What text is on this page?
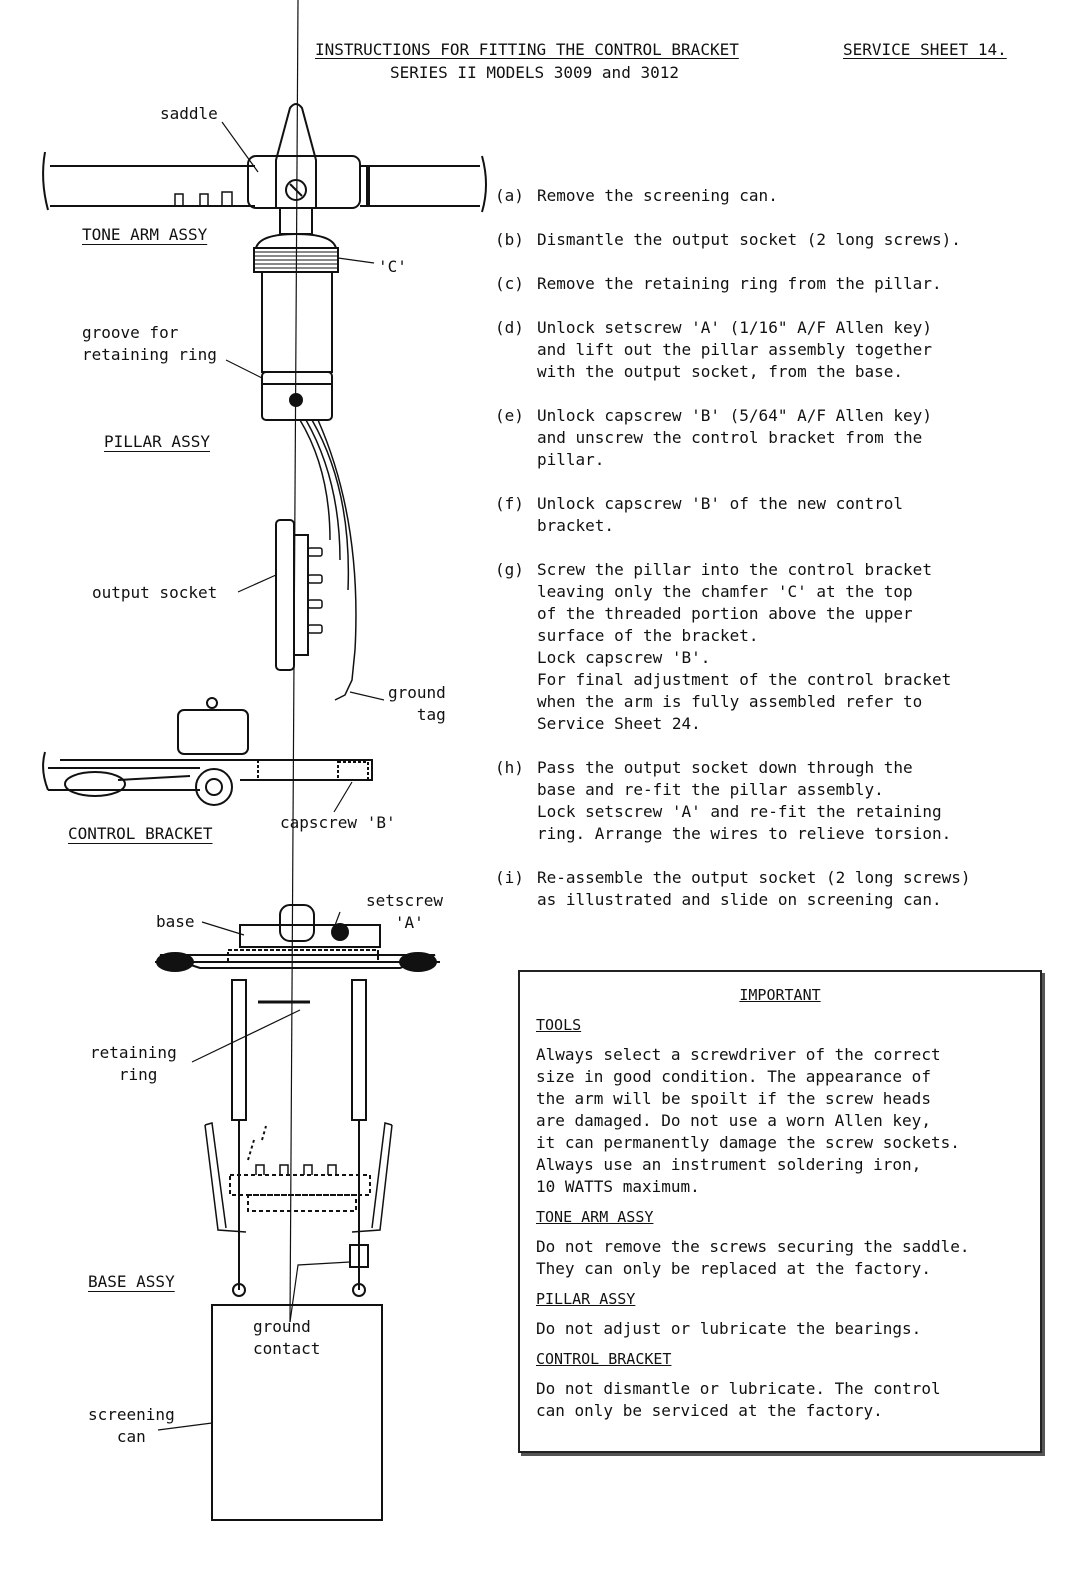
INSTRUCTIONS FOR FITTING THE CONTROL BRACKET	SERVICE SHEET 14.
SERIES II MODELS 3009 and 3012
saddle
TONE ARM ASSY
'C'
groove for
retaining ring
PILLAR ASSY
output socket
ground
tag
capscrew 'B'
CONTROL BRACKET
setscrew
'A'
base
retaining
ring
BASE ASSY
ground
contact
screening
can
(a) Remove the screening can.
(b) Dismantle the output socket (2 long screws).
(c) Remove the retaining ring from the pillar.
(d) Unlock setscrew 'A' (1/16" A/F Allen key)
and lift out the pillar assembly together
with the output socket, from the base.
(e) Unlock capscrew 'B' (5/64" A/F Allen key)
and unscrew the control bracket from the
pillar.
(f) Unlock capscrew 'B' of the new control
bracket.
(g) Screw the pillar into the control bracket
leaving only the chamfer 'C' at the top
of the threaded portion above the upper
surface of the bracket.
Lock capscrew 'B'.
For final adjustment of the control bracket
when the arm is fully assembled refer to
Service Sheet 24.
(h) Pass the output socket down through the
base and re-fit the pillar assembly.
Lock setscrew 'A' and re-fit the retaining
ring. Arrange the wires to relieve torsion.
(i) Re-assemble the output socket (2 long screws)
as illustrated and slide on screening can.
IMPORTANT
TOOLS
Always select a screwdriver of the correct
size in good condition. The appearance of
the arm will be spoilt if the screw heads
are damaged. Do not use a worn Allen key,
it can permanently damage the screw sockets.
Always use an instrument soldering iron,
10 WATTS maximum.
TONE ARM ASSY
Do not remove the screws securing the saddle.
They can only be replaced at the factory.
PILLAR ASSY
Do not adjust or lubricate the bearings.
CONTROL BRACKET
Do not dismantle or lubricate. The control
can only be serviced at the factory.
